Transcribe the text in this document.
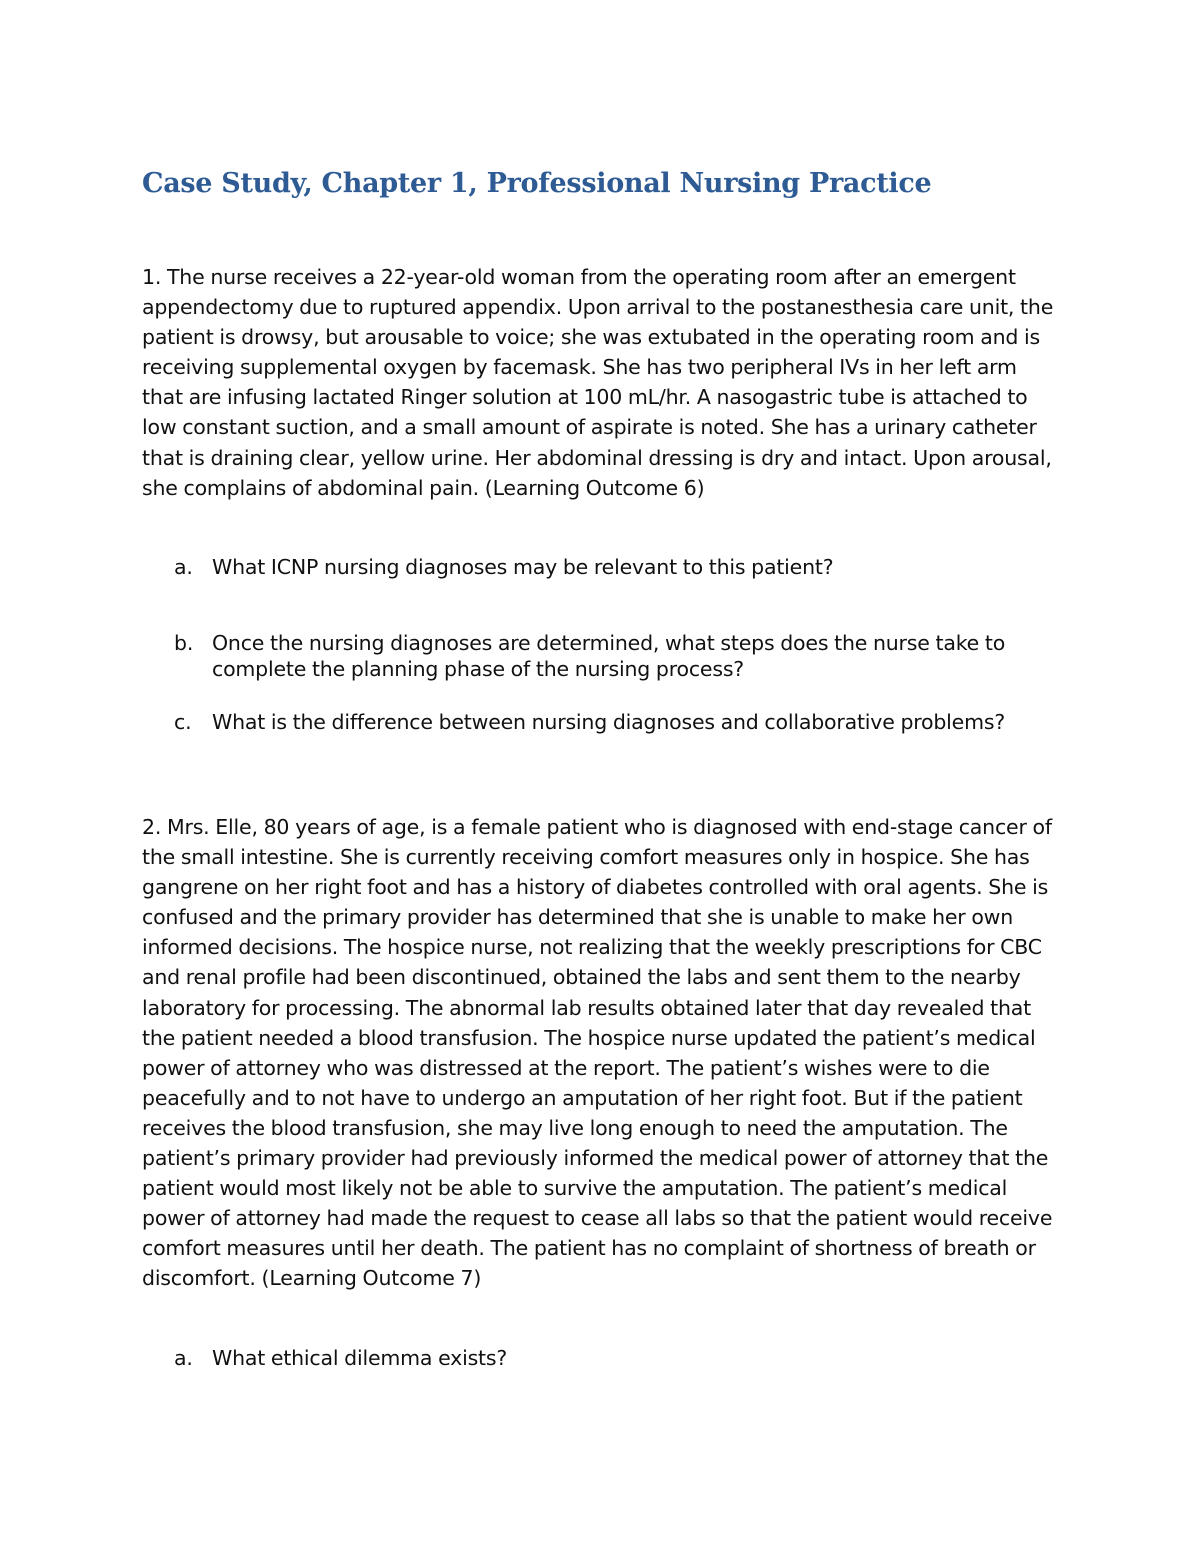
Case Study, Chapter 1, Professional Nursing Practice

1. The nurse receives a 22-year-old woman from the operating room after an emergent appendectomy due to ruptured appendix. Upon arrival to the postanesthesia care unit, the patient is drowsy, but arousable to voice; she was extubated in the operating room and is receiving supplemental oxygen by facemask. She has two peripheral IVs in her left arm that are infusing lactated Ringer solution at 100 mL/hr. A nasogastric tube is attached to low constant suction, and a small amount of aspirate is noted. She has a urinary catheter that is draining clear, yellow urine. Her abdominal dressing is dry and intact. Upon arousal, she complains of abdominal pain. (Learning Outcome 6)

a. What ICNP nursing diagnoses may be relevant to this patient?
b. Once the nursing diagnoses are determined, what steps does the nurse take to complete the planning phase of the nursing process?
c.	What is the difference between nursing diagnoses and collaborative problems?

2. Mrs. Elle, 80 years of age, is a female patient who is diagnosed with end-stage cancer of the small intestine. She is currently receiving comfort measures only in hospice. She has gangrene on her right foot and has a history of diabetes controlled with oral agents. She is confused and the primary provider has determined that she is unable to make her own informed decisions. The hospice nurse, not realizing that the weekly prescriptions for CBC and renal profile had been discontinued, obtained the labs and sent them to the nearby laboratory for processing. The abnormal lab results obtained later that day revealed that the patient needed a blood transfusion. The hospice nurse updated the patient’s medical power of attorney who was distressed at the report. The patient’s wishes were to die peacefully and to not have to undergo an amputation of her right foot. But if the patient receives the blood transfusion, she may live long enough to need the amputation. The patient’s primary provider had previously informed the medical power of attorney that the patient would most likely not be able to survive the amputation. The patient’s medical power of attorney had made the request to cease all labs so that the patient would receive comfort measures until her death. The patient has no complaint of shortness of breath or discomfort. (Learning Outcome 7)

a. What ethical dilemma exists?
